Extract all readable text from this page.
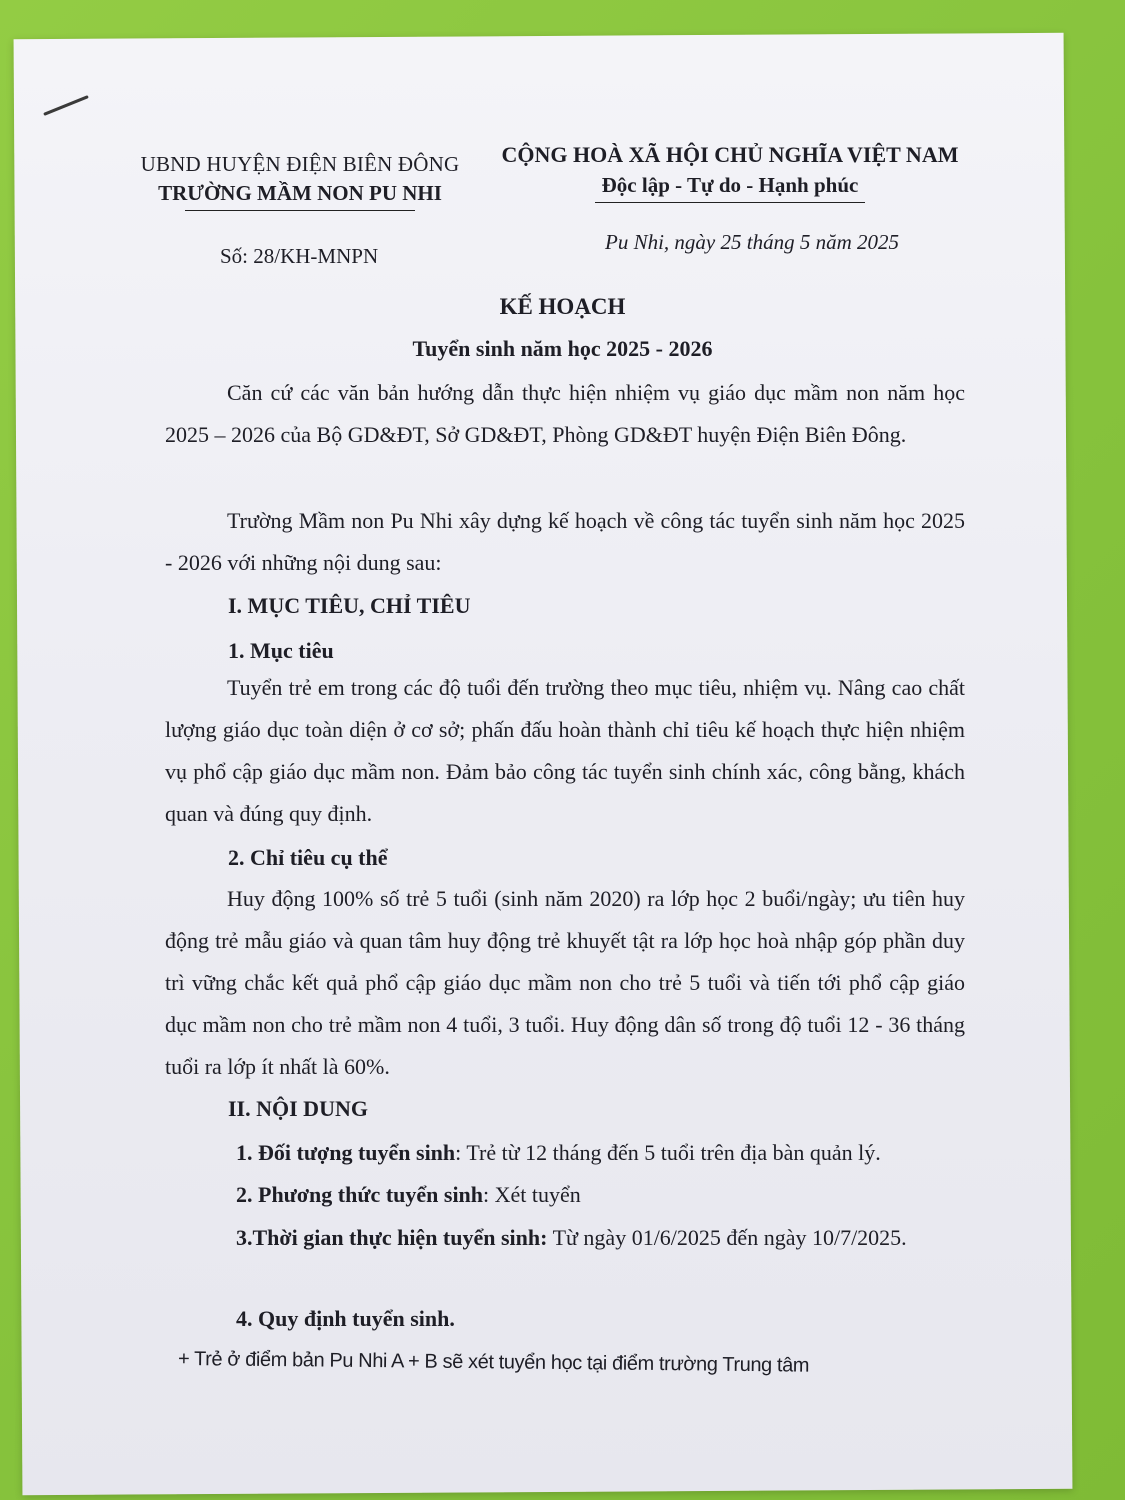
UBND HUYỆN ĐIỆN BIÊN ĐÔNG
TRƯỜNG MẦM NON PU NHI
CỘNG HOÀ XÃ HỘI CHỦ NGHĨA VIỆT NAM
Độc lập - Tự do - Hạnh phúc
Số: 28/KH-MNPN
Pu Nhi, ngày 25 tháng 5 năm 2025
KẾ HOẠCH
Tuyển sinh năm học 2025 - 2026
Căn cứ các văn bản hướng dẫn thực hiện nhiệm vụ giáo dục mầm non năm học 2025 – 2026 của Bộ GD&ĐT, Sở GD&ĐT, Phòng GD&ĐT huyện Điện Biên Đông.
Trường Mầm non Pu Nhi xây dựng kế hoạch về công tác tuyển sinh năm học 2025 - 2026 với những nội dung sau:
I. MỤC TIÊU, CHỈ TIÊU
1. Mục tiêu
Tuyển trẻ em trong các độ tuổi đến trường theo mục tiêu, nhiệm vụ. Nâng cao chất lượng giáo dục toàn diện ở cơ sở; phấn đấu hoàn thành chỉ tiêu kế hoạch thực hiện nhiệm vụ phổ cập giáo dục mầm non. Đảm bảo công tác tuyển sinh chính xác, công bằng, khách quan và đúng quy định.
2. Chỉ tiêu cụ thể
Huy động 100% số trẻ 5 tuổi (sinh năm 2020) ra lớp học 2 buổi/ngày; ưu tiên huy động trẻ mẫu giáo và quan tâm huy động trẻ khuyết tật ra lớp học hoà nhập góp phần duy trì vững chắc kết quả phổ cập giáo dục mầm non cho trẻ 5 tuổi và tiến tới phổ cập giáo dục mầm non cho trẻ mầm non 4 tuổi, 3 tuổi. Huy động dân số trong độ tuổi 12 - 36 tháng tuổi ra lớp ít nhất là 60%.
II. NỘI DUNG
1. Đối tượng tuyển sinh: Trẻ từ 12 tháng đến 5 tuổi trên địa bàn quản lý.
2. Phương thức tuyển sinh: Xét tuyển
3.Thời gian thực hiện tuyển sinh: Từ ngày 01/6/2025 đến ngày 10/7/2025.
4. Quy định tuyển sinh.
+ Trẻ ở điểm bản Pu Nhi A + B sẽ xét tuyển học tại điểm trường Trung tâm
